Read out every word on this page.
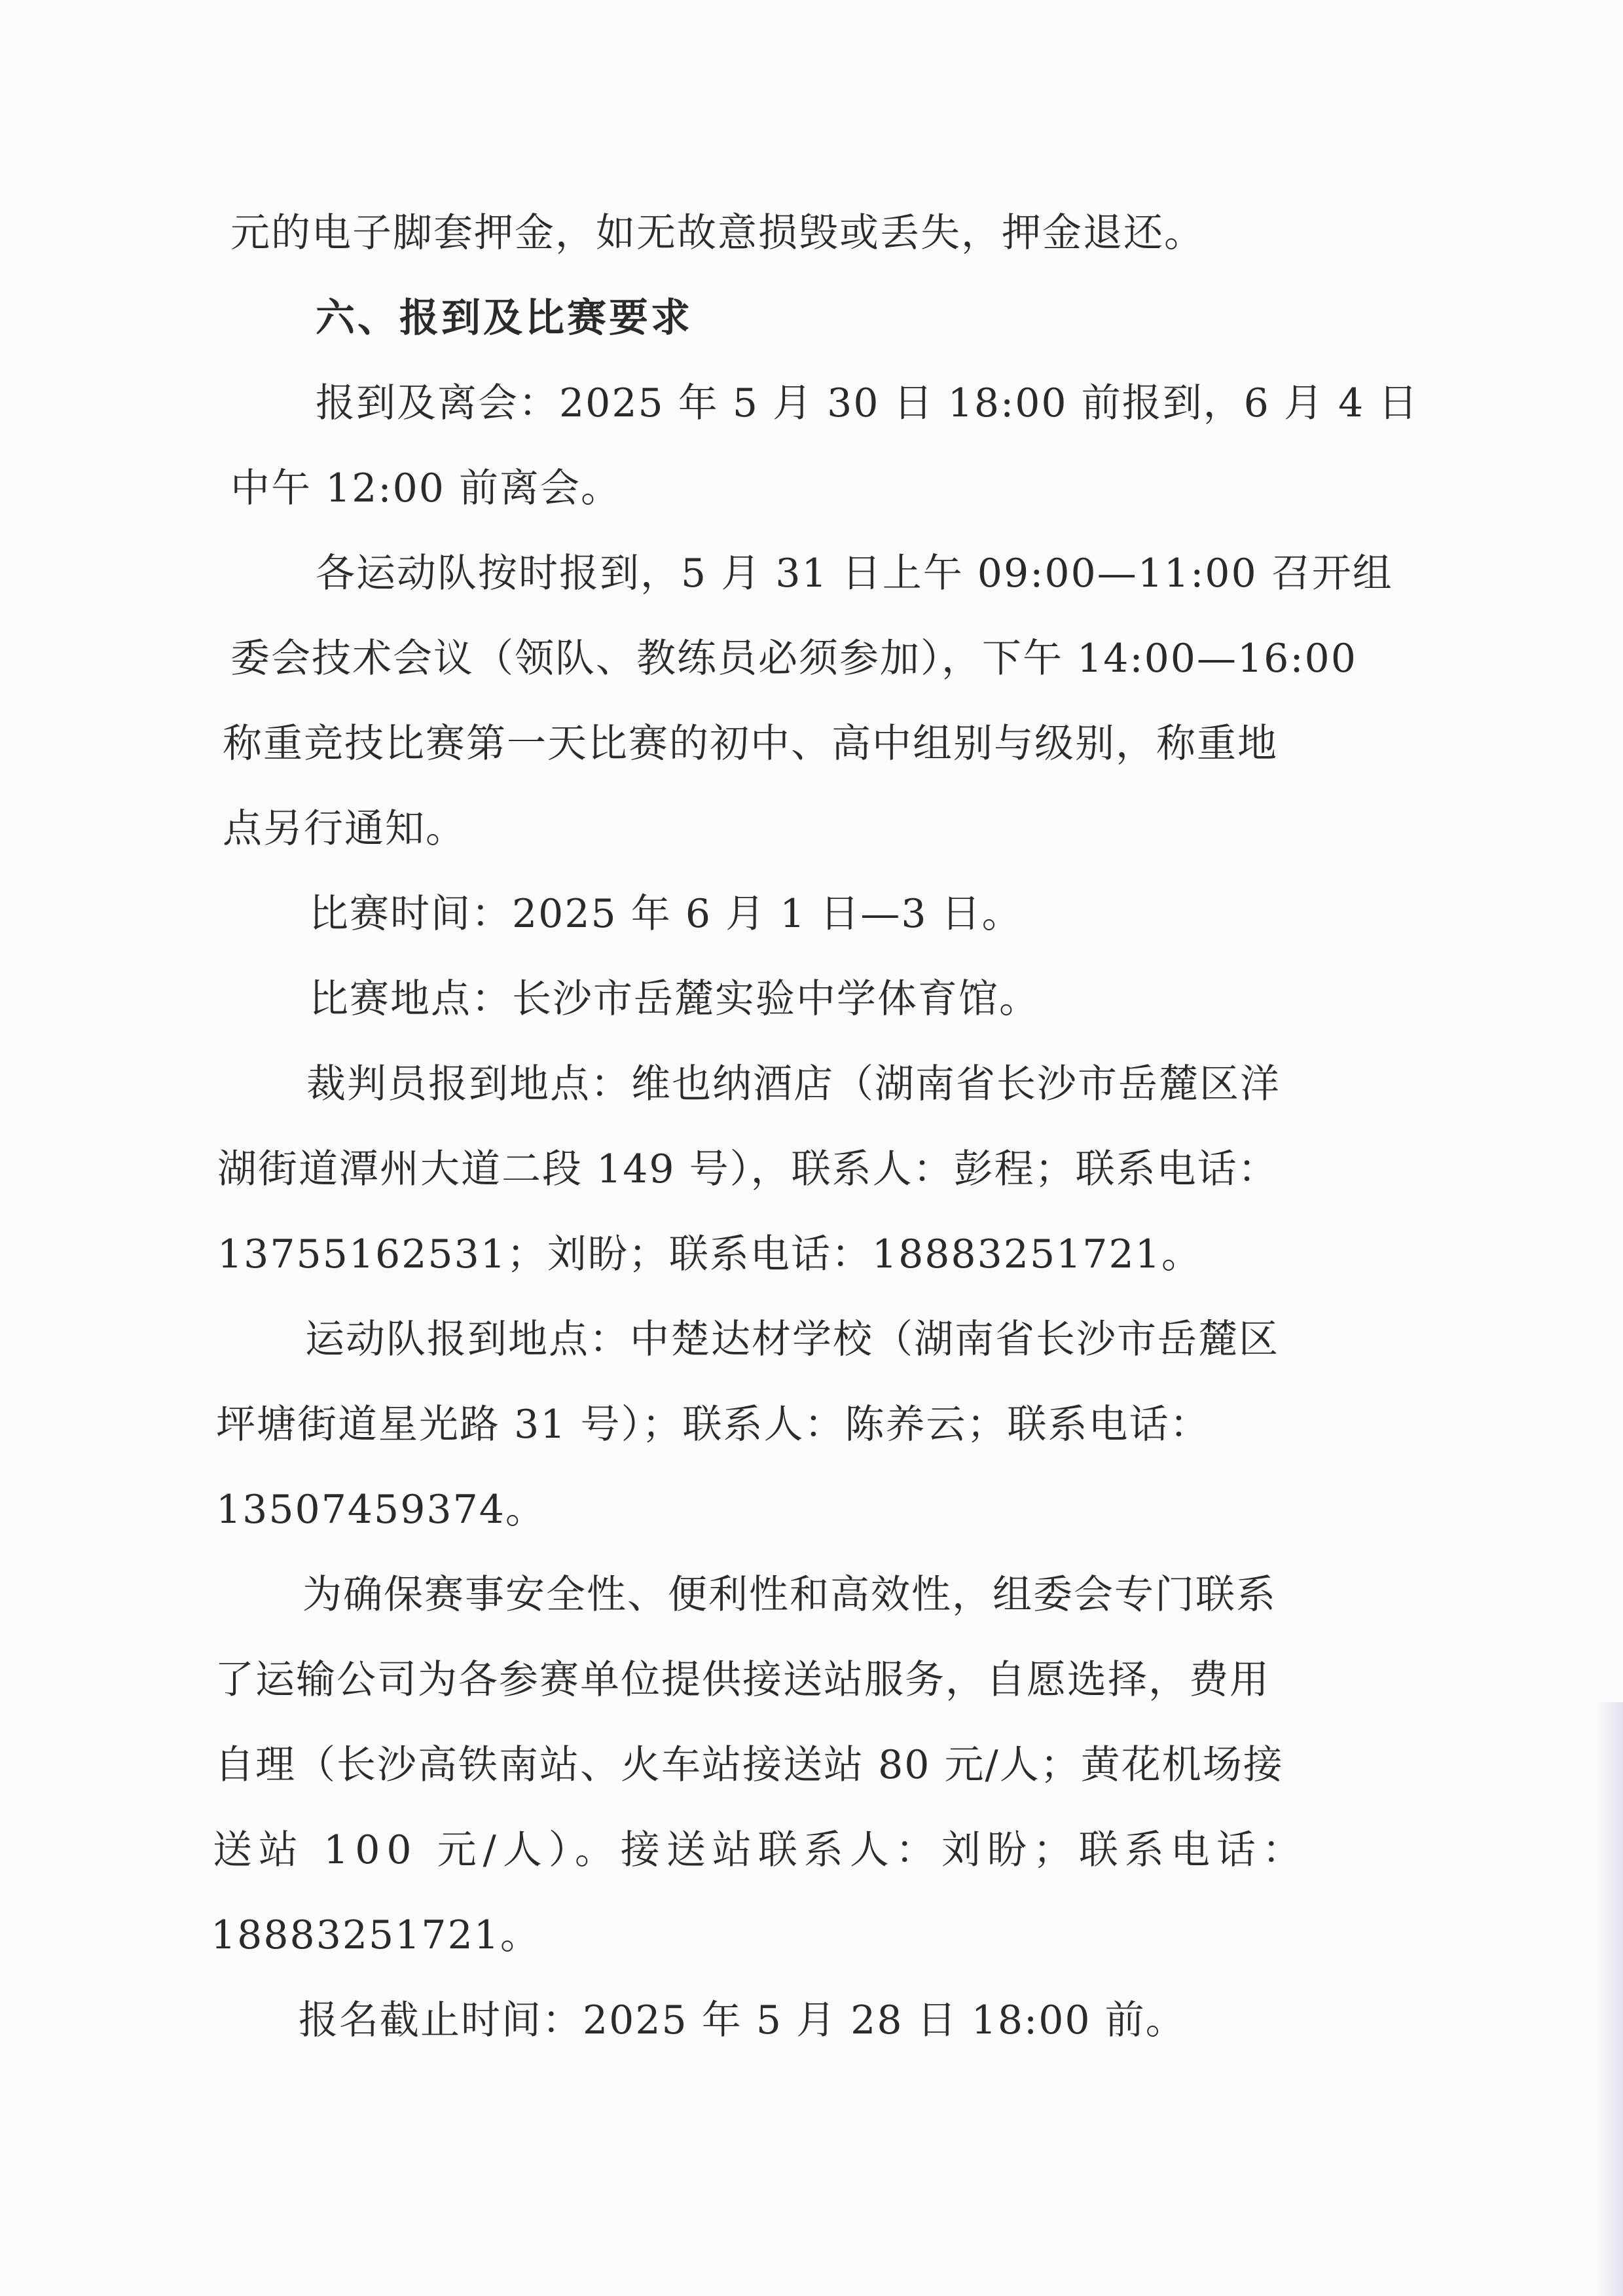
元的电子脚套押金，如无故意损毁或丢失，押金退还。
六、报到及比赛要求
报到及离会：2025 年 5 月 30 日 18:00 前报到，6 月 4 日
中午 12:00 前离会。
各运动队按时报到，5 月 31 日上午 09:00—11:00 召开组
委会技术会议（领队、教练员必须参加），下午 14:00—16:00
称重竞技比赛第一天比赛的初中、高中组别与级别，称重地
点另行通知。
比赛时间：2025 年 6 月 1 日—3 日。
比赛地点：长沙市岳麓实验中学体育馆。
裁判员报到地点：维也纳酒店（湖南省长沙市岳麓区洋
湖街道潭州大道二段 149 号），联系人：彭程；联系电话：
13755162531；刘盼；联系电话：18883251721。
运动队报到地点：中楚达材学校（湖南省长沙市岳麓区
坪塘街道星光路 31 号）；联系人：陈养云；联系电话：
13507459374。
为确保赛事安全性、便利性和高效性，组委会专门联系
了运输公司为各参赛单位提供接送站服务，自愿选择，费用
自理（长沙高铁南站、火车站接送站 80 元/人；黄花机场接
送站 100 元/人）。接送站联系人：刘盼；联系电话：
18883251721。
报名截止时间：2025 年 5 月 28 日 18:00 前。
